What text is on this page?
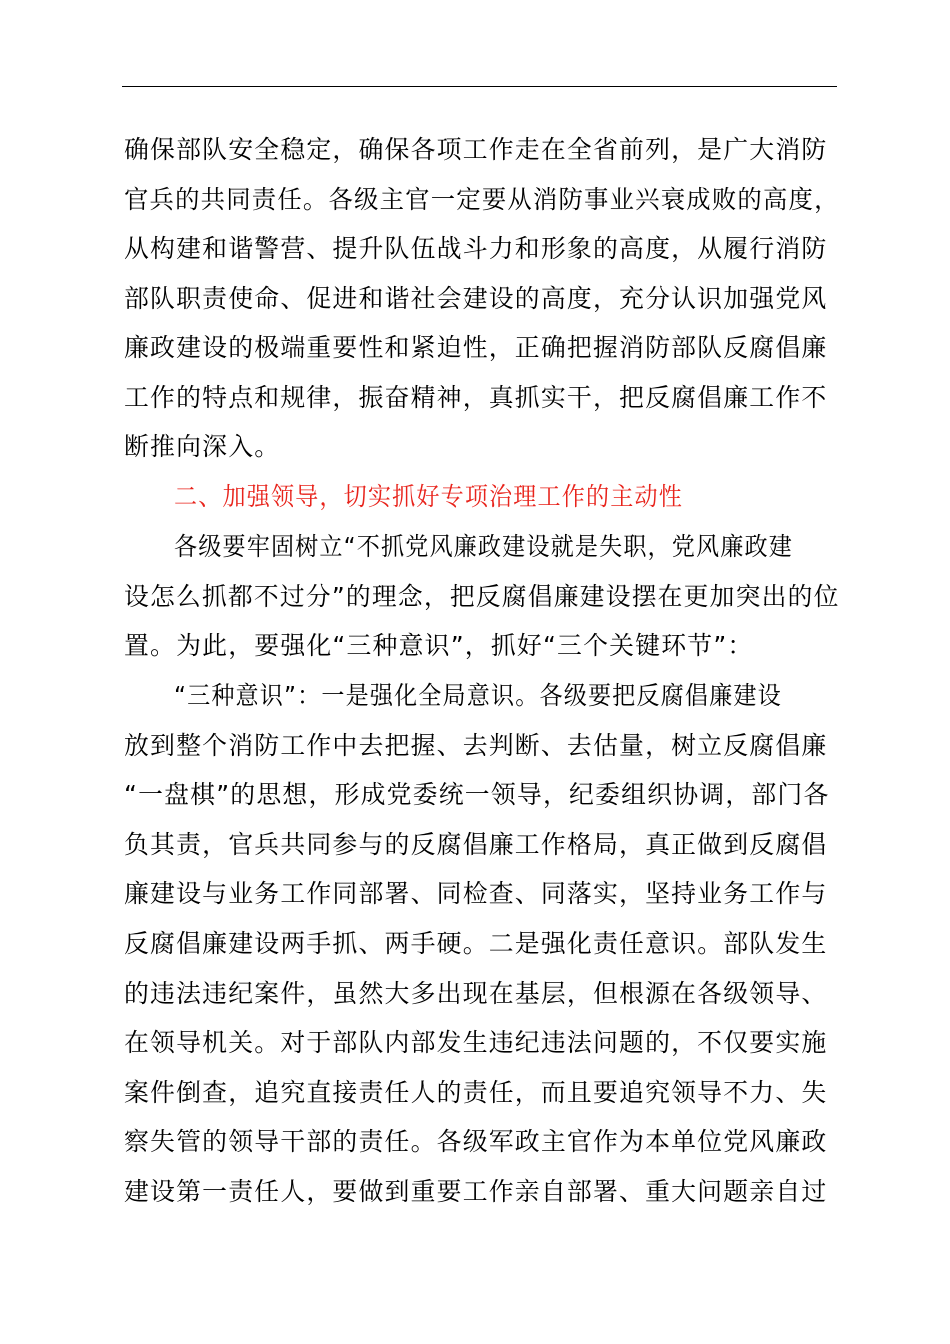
确保部队安全稳定，确保各项工作走在全省前列，是广大消防
官兵的共同责任。各级主官一定要从消防事业兴衰成败的高度，
从构建和谐警营、提升队伍战斗力和形象的高度，从履行消防
部队职责使命、促进和谐社会建设的高度，充分认识加强党风
廉政建设的极端重要性和紧迫性，正确把握消防部队反腐倡廉
工作的特点和规律，振奋精神，真抓实干，把反腐倡廉工作不
断推向深入。
二、加强领导，切实抓好专项治理工作的主动性
各级要牢固树立“不抓党风廉政建设就是失职，党风廉政建
设怎么抓都不过分”的理念，把反腐倡廉建设摆在更加突出的位
置。为此，要强化“三种意识”，抓好“三个关键环节”：
“三种意识”：一是强化全局意识。各级要把反腐倡廉建设
放到整个消防工作中去把握、去判断、去估量，树立反腐倡廉
“一盘棋”的思想，形成党委统一领导，纪委组织协调，部门各
负其责，官兵共同参与的反腐倡廉工作格局，真正做到反腐倡
廉建设与业务工作同部署、同检查、同落实，坚持业务工作与
反腐倡廉建设两手抓、两手硬。二是强化责任意识。部队发生
的违法违纪案件，虽然大多出现在基层，但根源在各级领导、
在领导机关。对于部队内部发生违纪违法问题的，不仅要实施
案件倒查，追究直接责任人的责任，而且要追究领导不力、失
察失管的领导干部的责任。各级军政主官作为本单位党风廉政
建设第一责任人，要做到重要工作亲自部署、重大问题亲自过
